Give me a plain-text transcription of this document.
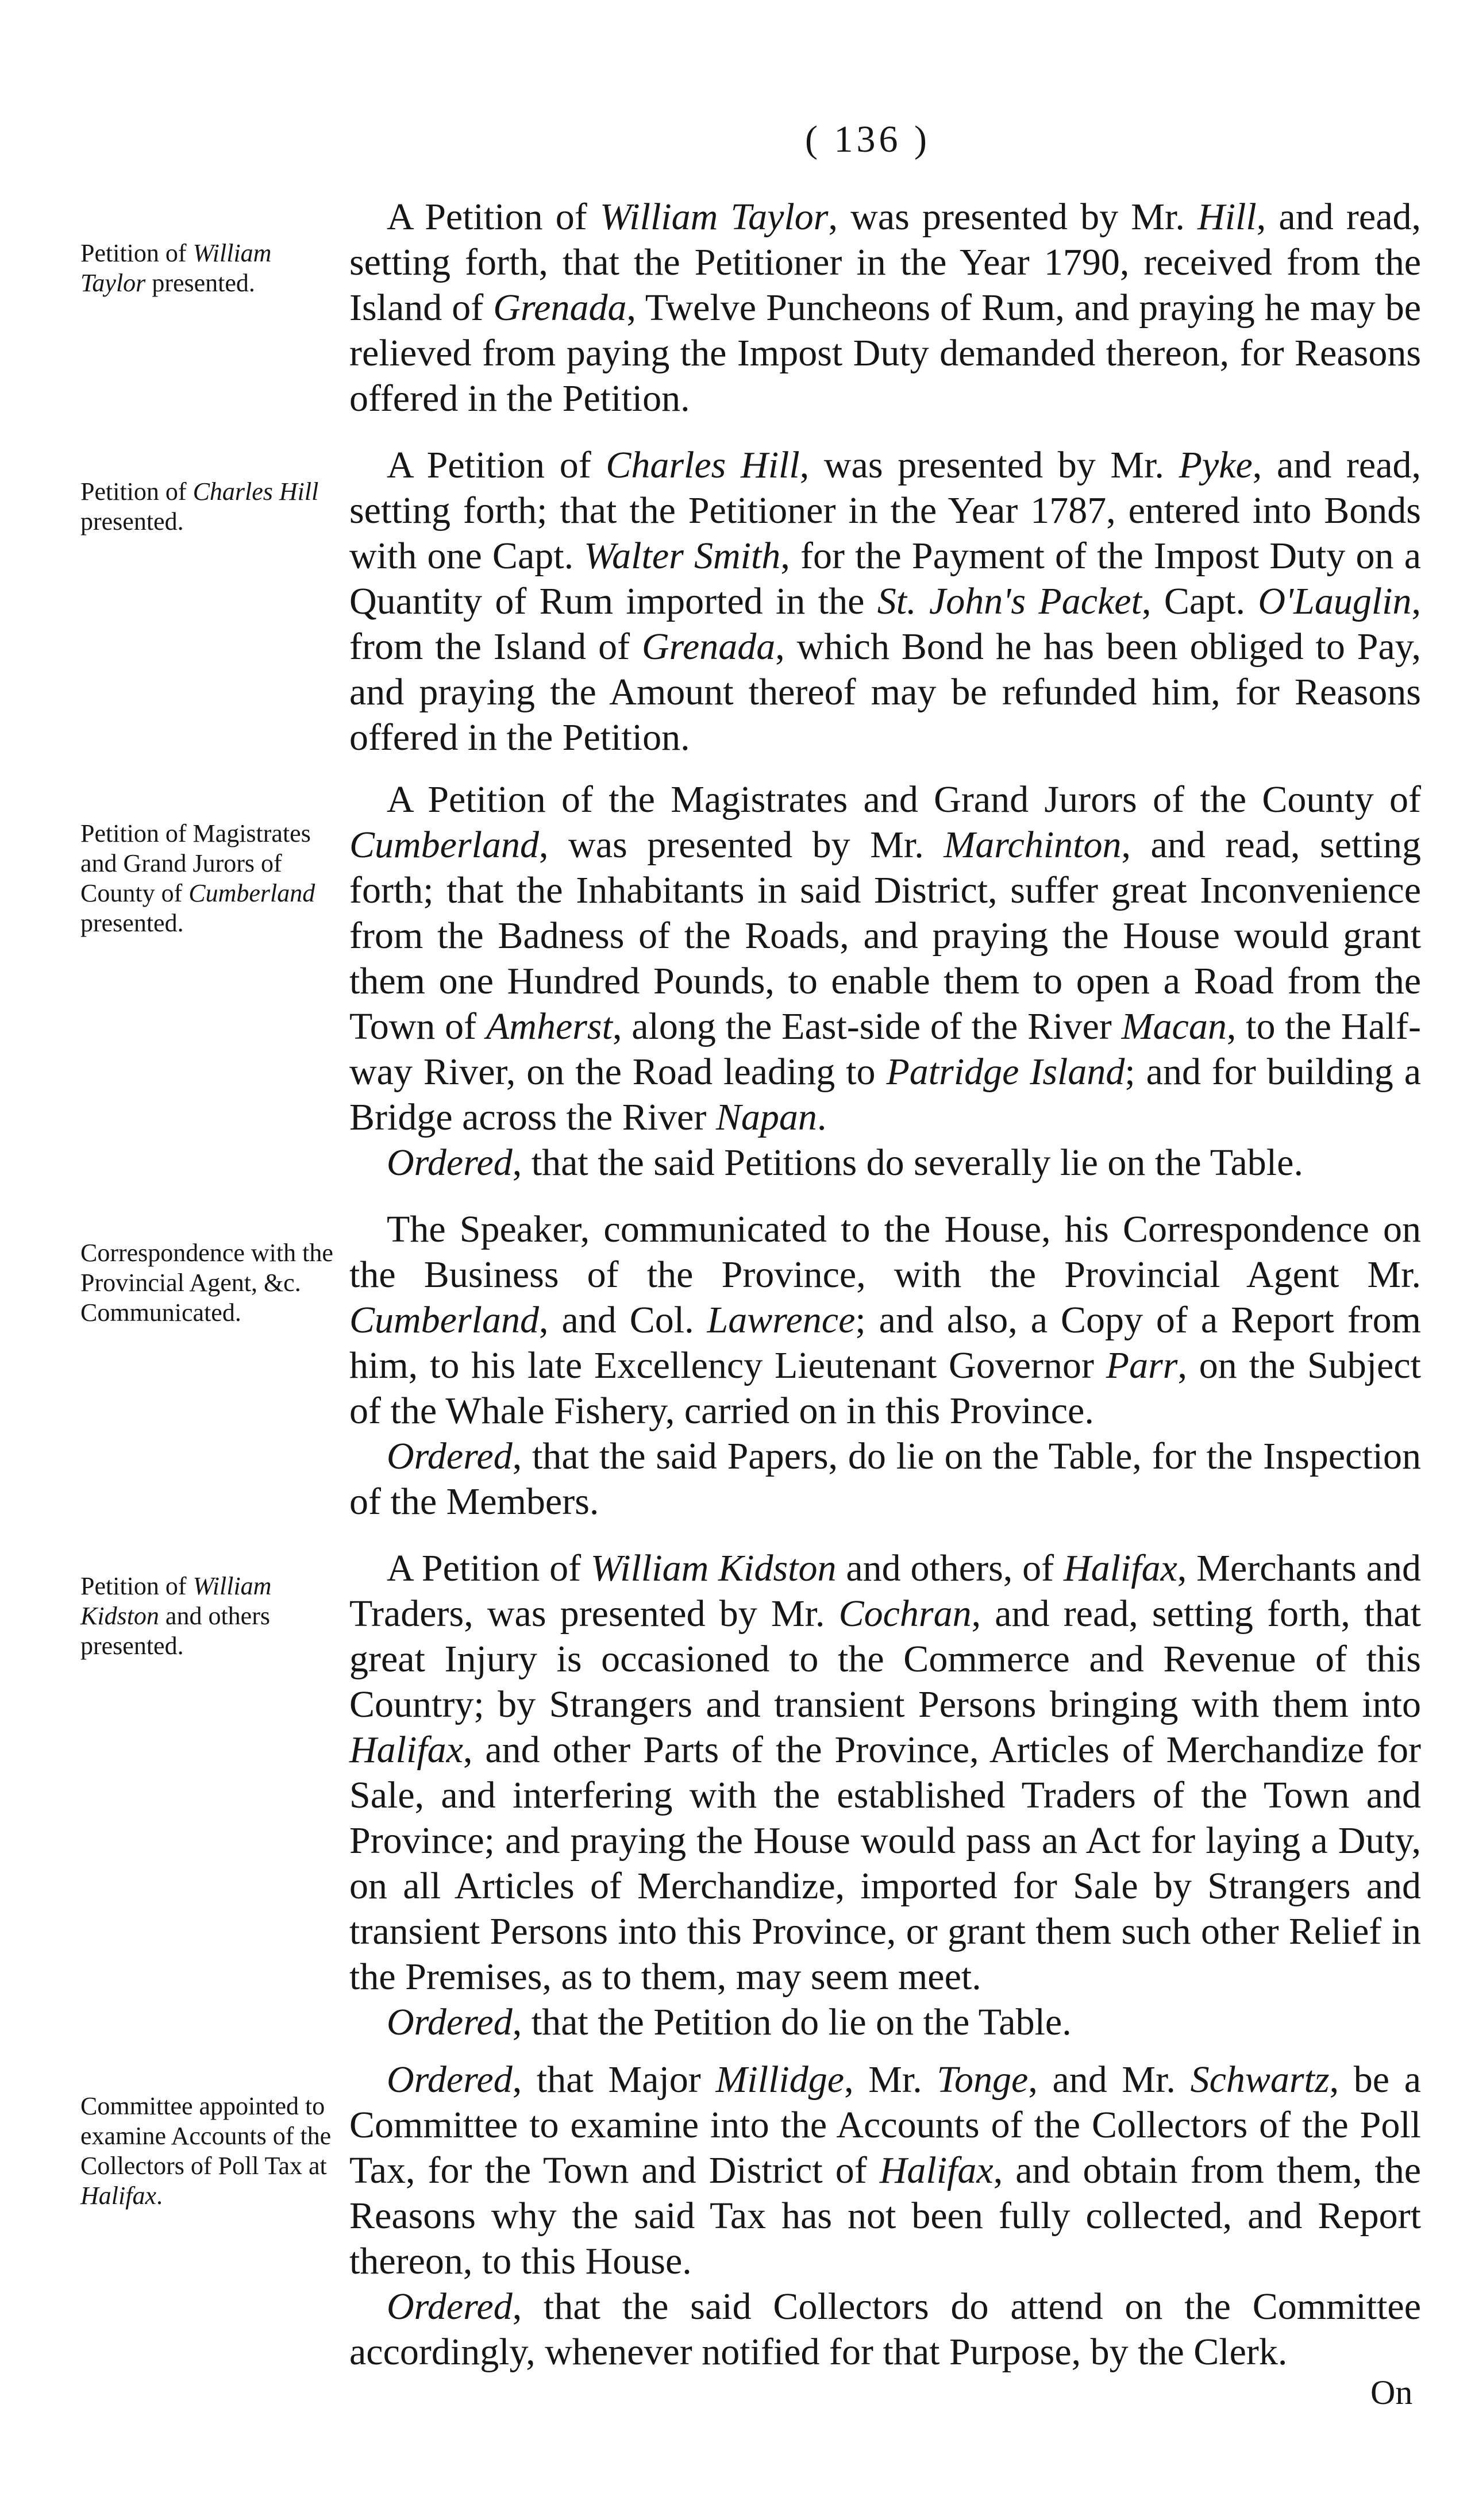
( 136 )
Petition of William Taylor presented.
Petition of Charles Hill presented.
Petition of Magistrates and Grand Jurors of County of Cumberland presented.
Correspondence with the Provincial Agent, &c. Communicated.
Petition of William Kidston and others presented.
Committee appointed to examine Accounts of the Collectors of Poll Tax at Halifax.

A Petition of William Taylor, was presented by Mr. Hill, and read, setting forth, that the Petitioner in the Year 1790, received from the Island of Grenada, Twelve Puncheons of Rum, and praying he may be relieved from paying the Impost Duty demanded thereon, for Reasons offered in the Petition.

A Petition of Charles Hill, was presented by Mr. Pyke, and read, setting forth; that the Petitioner in the Year 1787, entered into Bonds with one Capt. Walter Smith, for the Payment of the Impost Duty on a Quantity of Rum imported in the St. John's Packet, Capt. O'Lauglin, from the Island of Grenada, which Bond he has been obliged to Pay, and praying the Amount thereof may be refunded him, for Reasons offered in the Petition.

A Petition of the Magistrates and Grand Jurors of the County of Cumberland, was presented by Mr. Marchinton, and read, setting forth; that the Inhabitants in said District, suffer great Inconvenience from the Badness of the Roads, and praying the House would grant them one Hundred Pounds, to enable them to open a Road from the Town of Amherst, along the East-side of the River Macan, to the Half-way River, on the Road leading to Patridge Island; and for building a Bridge across the River Napan.

Ordered, that the said Petitions do severally lie on the Table.

The Speaker, communicated to the House, his Correspondence on the Business of the Province, with the Provincial Agent Mr. Cumberland, and Col. Lawrence; and also, a Copy of a Report from him, to his late Excellency Lieutenant Governor Parr, on the Subject of the Whale Fishery, carried on in this Province.

Ordered, that the said Papers, do lie on the Table, for the Inspection of the Members.

A Petition of William Kidston and others, of Halifax, Merchants and Traders, was presented by Mr. Cochran, and read, setting forth, that great Injury is occasioned to the Commerce and Revenue of this Country; by Strangers and transient Persons bringing with them into Halifax, and other Parts of the Province, Articles of Merchandize for Sale, and interfering with the established Traders of the Town and Province; and praying the House would pass an Act for laying a Duty, on all Articles of Merchandize, imported for Sale by Strangers and transient Persons into this Province, or grant them such other Relief in the Premises, as to them, may seem meet.

Ordered, that the Petition do lie on the Table.

Ordered, that Major Millidge, Mr. Tonge, and Mr. Schwartz, be a Committee to examine into the Accounts of the Collectors of the Poll Tax, for the Town and District of Halifax, and obtain from them, the Reasons why the said Tax has not been fully collected, and Report thereon, to this House.

Ordered, that the said Collectors do attend on the Committee accordingly, whenever notified for that Purpose, by the Clerk.

On
